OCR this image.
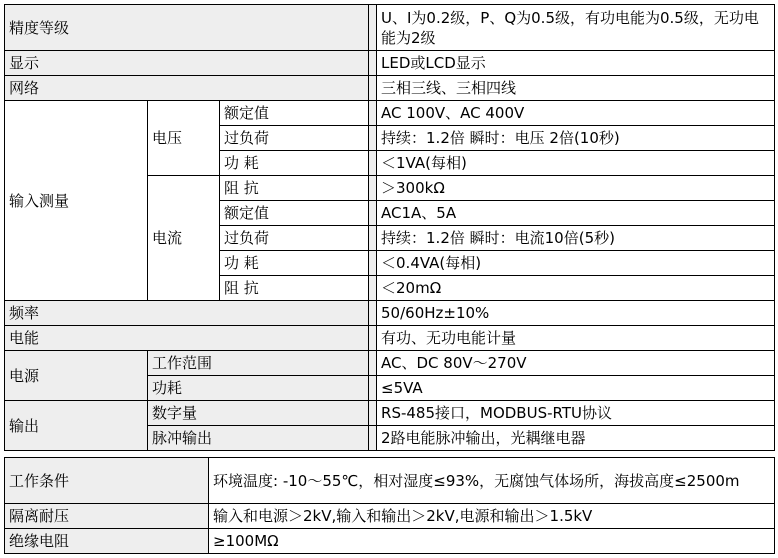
精度等级				U、I为0.2级，P、Q为0.5级，有功电能为0.5级，无功电能为2级
显示				LED或LCD显示
网络				三相三线、三相四线
输入测量	电压	额定值		AC 100V、AC 400V
		过负荷		持续：1.2倍 瞬时：电压 2倍(10秒)
		功 耗		＜1VA(每相)
	电流	阻 抗		＞300kΩ
		额定值		AC1A、5A
		过负荷		持续：1.2倍 瞬时：电流10倍(5秒)
		功 耗		＜0.4VA(每相)
		阻 抗		＜20mΩ
频率				50/60Hz±10%
电能				有功、无功电能计量
电源	工作范围			AC、DC 80V～270V
	功耗			≤5VA
输出	数字量			RS-485接口，MODBUS-RTU协议
	脉冲输出			2路电能脉冲输出，光耦继电器
工作条件	环境温度: -10～55℃，相对湿度≤93%，无腐蚀气体场所，海拔高度≤2500m
隔离耐压	输入和电源＞2kV,输入和输出＞2kV,电源和输出＞1.5kV
绝缘电阻	≥100MΩ
